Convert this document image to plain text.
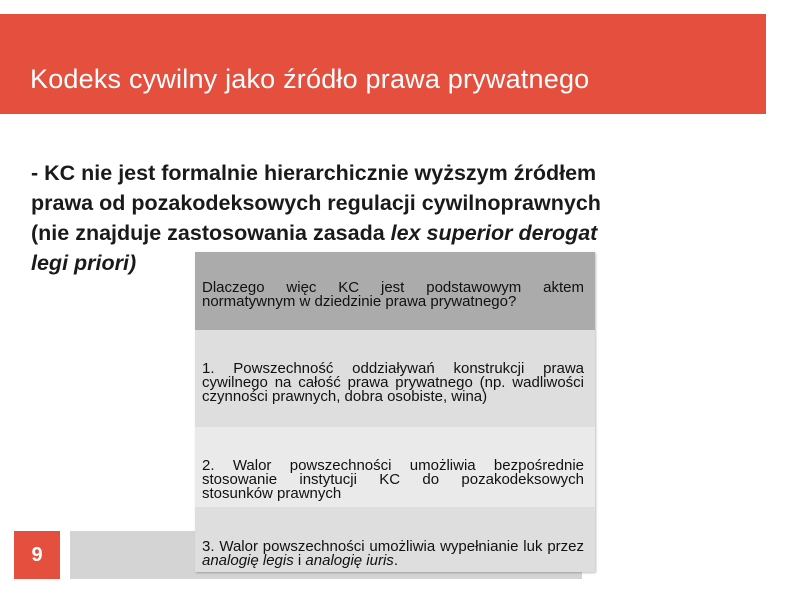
Kodeks cywilny jako źródło prawa prywatnego
- KC nie jest formalnie hierarchicznie wyższym źródłem
prawa od pozakodeksowych regulacji cywilnoprawnych
(nie znajduje zastosowania zasada lex superior derogat
legi priori)
9
Dlaczego więc KC jest podstawowym aktem normatywnym w dziedzinie prawa prywatnego?
1. Powszechność oddziaływań konstrukcji prawa cywilnego na całość prawa prywatnego (np. wadliwości czynności prawnych, dobra osobiste, wina)
2. Walor powszechności umożliwia bezpośrednie stosowanie instytucji KC do pozakodeksowych stosunków prawnych
3. Walor powszechności umożliwia wypełnianie luk przez analogię legis i analogię iuris.
